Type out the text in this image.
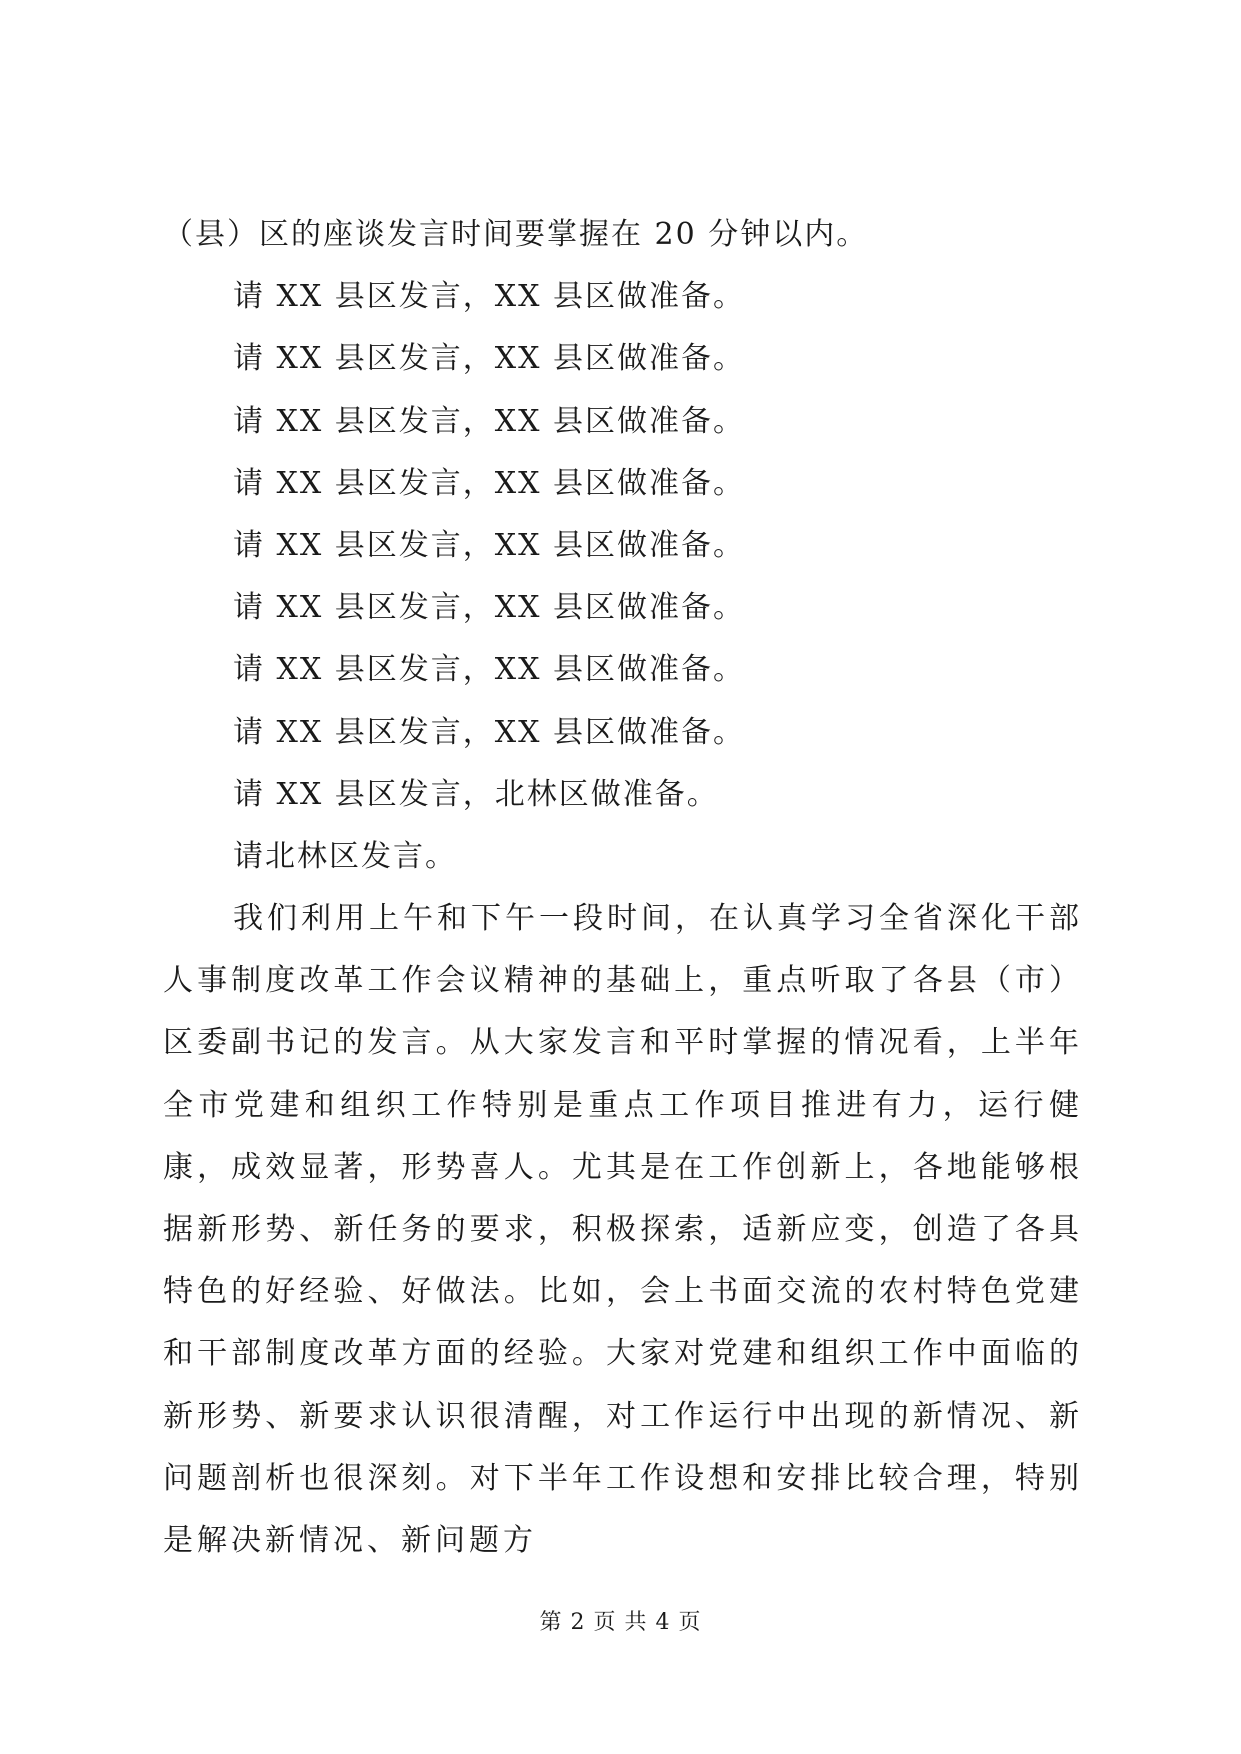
（县）区的座谈发言时间要掌握在 20 分钟以内。
请 XX 县区发言，XX 县区做准备。
请 XX 县区发言，XX 县区做准备。
请 XX 县区发言，XX 县区做准备。
请 XX 县区发言，XX 县区做准备。
请 XX 县区发言，XX 县区做准备。
请 XX 县区发言，XX 县区做准备。
请 XX 县区发言，XX 县区做准备。
请 XX 县区发言，XX 县区做准备。
请 XX 县区发言，北林区做准备。
请北林区发言。

我们利用上午和下午一段时间，在认真学习全省深化干部人事制度改革工作会议精神的基础上，重点听取了各县（市）区委副书记的发言。从大家发言和平时掌握的情况看，上半年全市党建和组织工作特别是重点工作项目推进有力，运行健康，成效显著，形势喜人。尤其是在工作创新上，各地能够根据新形势、新任务的要求，积极探索，适新应变，创造了各具特色的好经验、好做法。比如，会上书面交流的农村特色党建和干部制度改革方面的经验。大家对党建和组织工作中面临的新形势、新要求认识很清醒，对工作运行中出现的新情况、新问题剖析也很深刻。对下半年工作设想和安排比较合理，特别是解决新情况、新问题方

第 2 页 共 4 页
